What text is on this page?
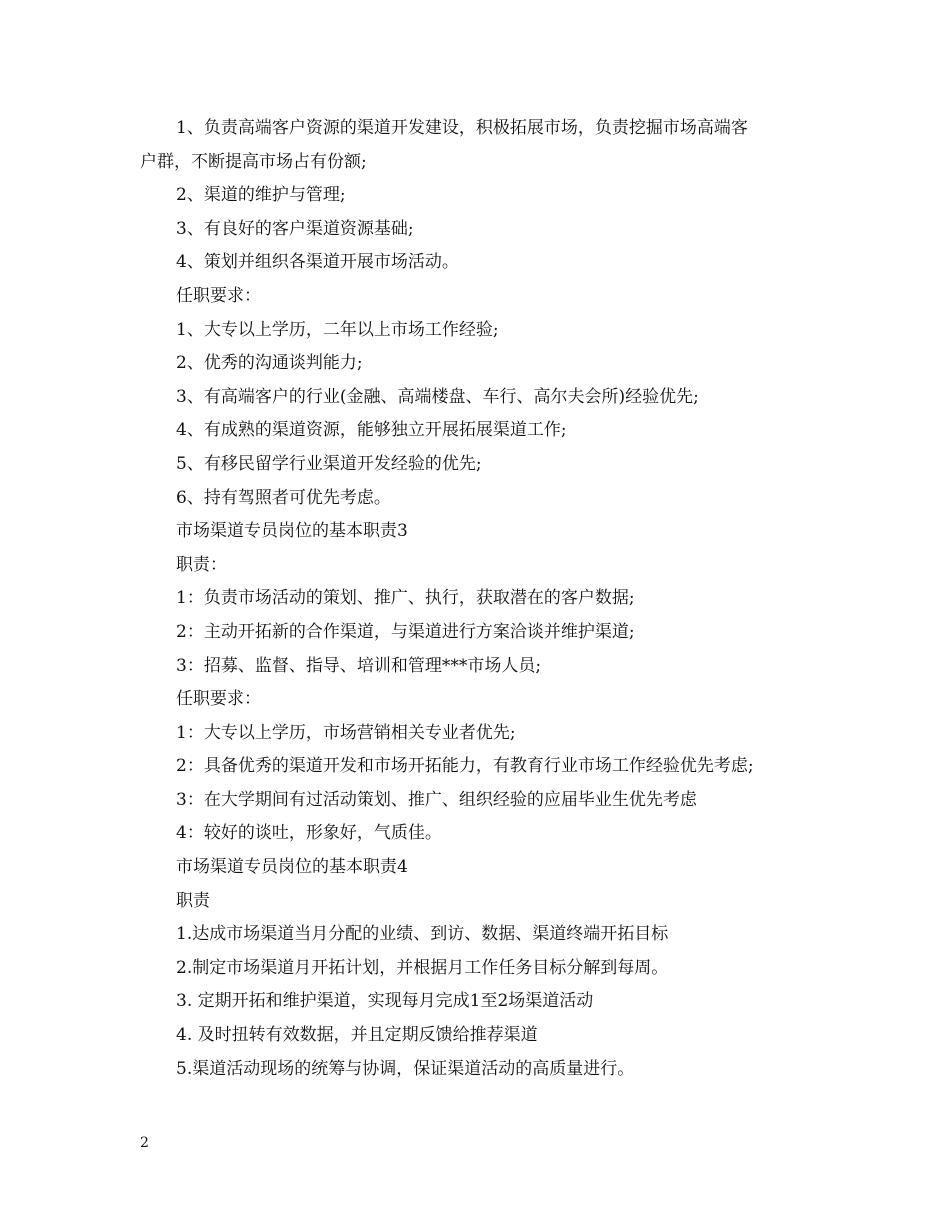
1、负责高端客户资源的渠道开发建设，积极拓展市场，负责挖掘市场高端客
户群，不断提高市场占有份额;
2、渠道的维护与管理;
3、有良好的客户渠道资源基础;
4、策划并组织各渠道开展市场活动。
任职要求：
1、大专以上学历，二年以上市场工作经验;
2、优秀的沟通谈判能力;
3、有高端客户的行业(金融、高端楼盘、车行、高尔夫会所)经验优先;
4、有成熟的渠道资源，能够独立开展拓展渠道工作;
5、有移民留学行业渠道开发经验的优先;
6、持有驾照者可优先考虑。
市场渠道专员岗位的基本职责3
职责：
1：负责市场活动的策划、推广、执行，获取潜在的客户数据;
2：主动开拓新的合作渠道，与渠道进行方案洽谈并维护渠道;
3：招募、监督、指导、培训和管理***市场人员;
任职要求：
1：大专以上学历，市场营销相关专业者优先;
2：具备优秀的渠道开发和市场开拓能力，有教育行业市场工作经验优先考虑;
3：在大学期间有过活动策划、推广、组织经验的应届毕业生优先考虑
4：较好的谈吐，形象好，气质佳。
市场渠道专员岗位的基本职责4
职责
1.达成市场渠道当月分配的业绩、到访、数据、渠道终端开拓目标
2.制定市场渠道月开拓计划，并根据月工作任务目标分解到每周。
3. 定期开拓和维护渠道，实现每月完成1至2场渠道活动
4. 及时扭转有效数据，并且定期反馈给推荐渠道
5.渠道活动现场的统筹与协调，保证渠道活动的高质量进行。
2
